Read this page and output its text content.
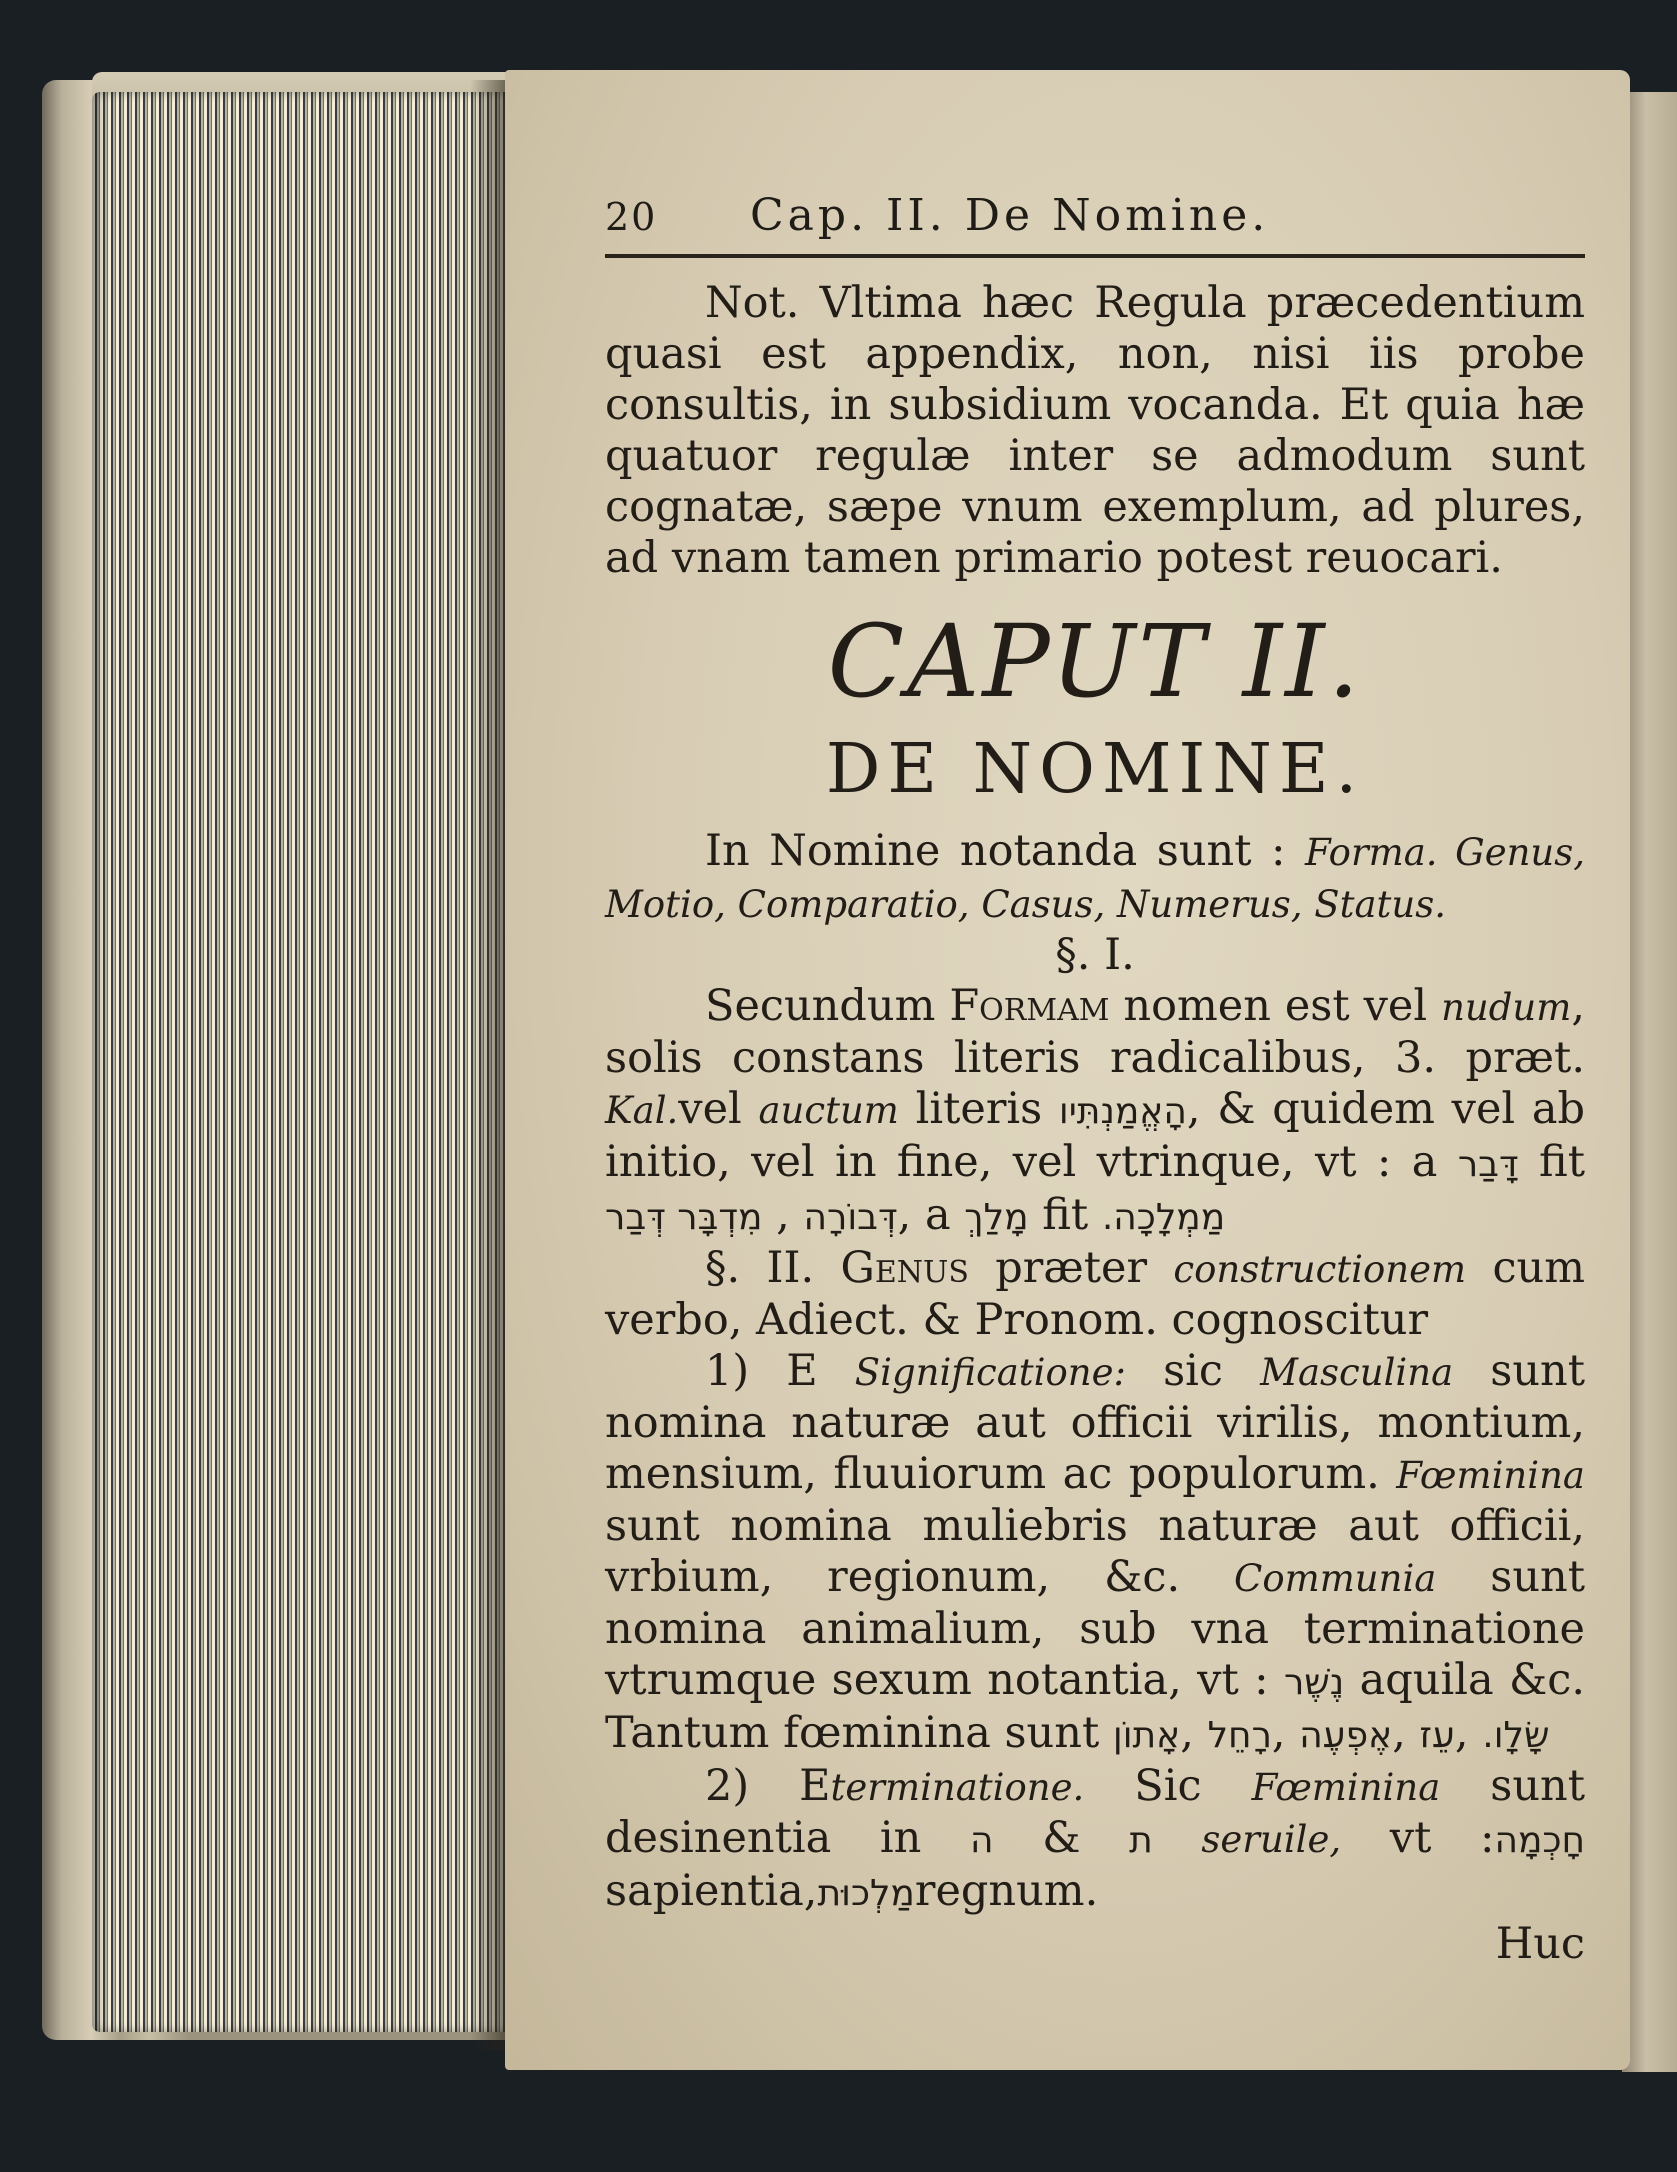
20	Cap. II. De Nomine.

Not. Vltima hæc Regula præcedentium quasi est appendix, non, nisi iis probe consultis, in subsidium vocanda. Et quia hæ quatuor regulæ inter se admodum sunt cognatæ, sæpe vnum exemplum, ad plures, ad vnam tamen primario potest reuocari.

CAPUT II.
DE NOMINE.

In Nomine notanda sunt : Forma. Genus, Motio, Comparatio, Casus, Numerus, Status.

§. I.

Secundum Formam nomen est vel nudum, solis constans literis radicalibus, 3. præt. Kal.vel auctum literis הָאֱמַנְתִּיו, & quidem vel ab initio, vel in fine, vel vtrinque, vt : a דָּבַר fit מִדְבָּר דְּבַר , דְּבוֹרָה, a מָלַךְ fit מַמְלָכָה.

§. II. Genus præter constructionem cum verbo, Adiect. & Pronom. cognoscitur

1) E Significatione: sic Masculina sunt nomina naturæ aut officii virilis, montium, mensium, fluuiorum ac populorum. Fœminina sunt nomina muliebris naturæ aut officii, vrbium, regionum, &c. Communia sunt nomina animalium, sub vna terminatione vtrumque sexum notantia, vt : נֶשֶׁר aquila &c. Tantum fœminina sunt אָתוֹן, רָחֵל, אֶפְעֶה, עֵז, שָׂלָו.

2) Eterminatione. Sic Fœminina sunt desinentia in ה & ת seruile, vt :חָכְמָה sapientia,מַלְכוּתregnum.

Huc
